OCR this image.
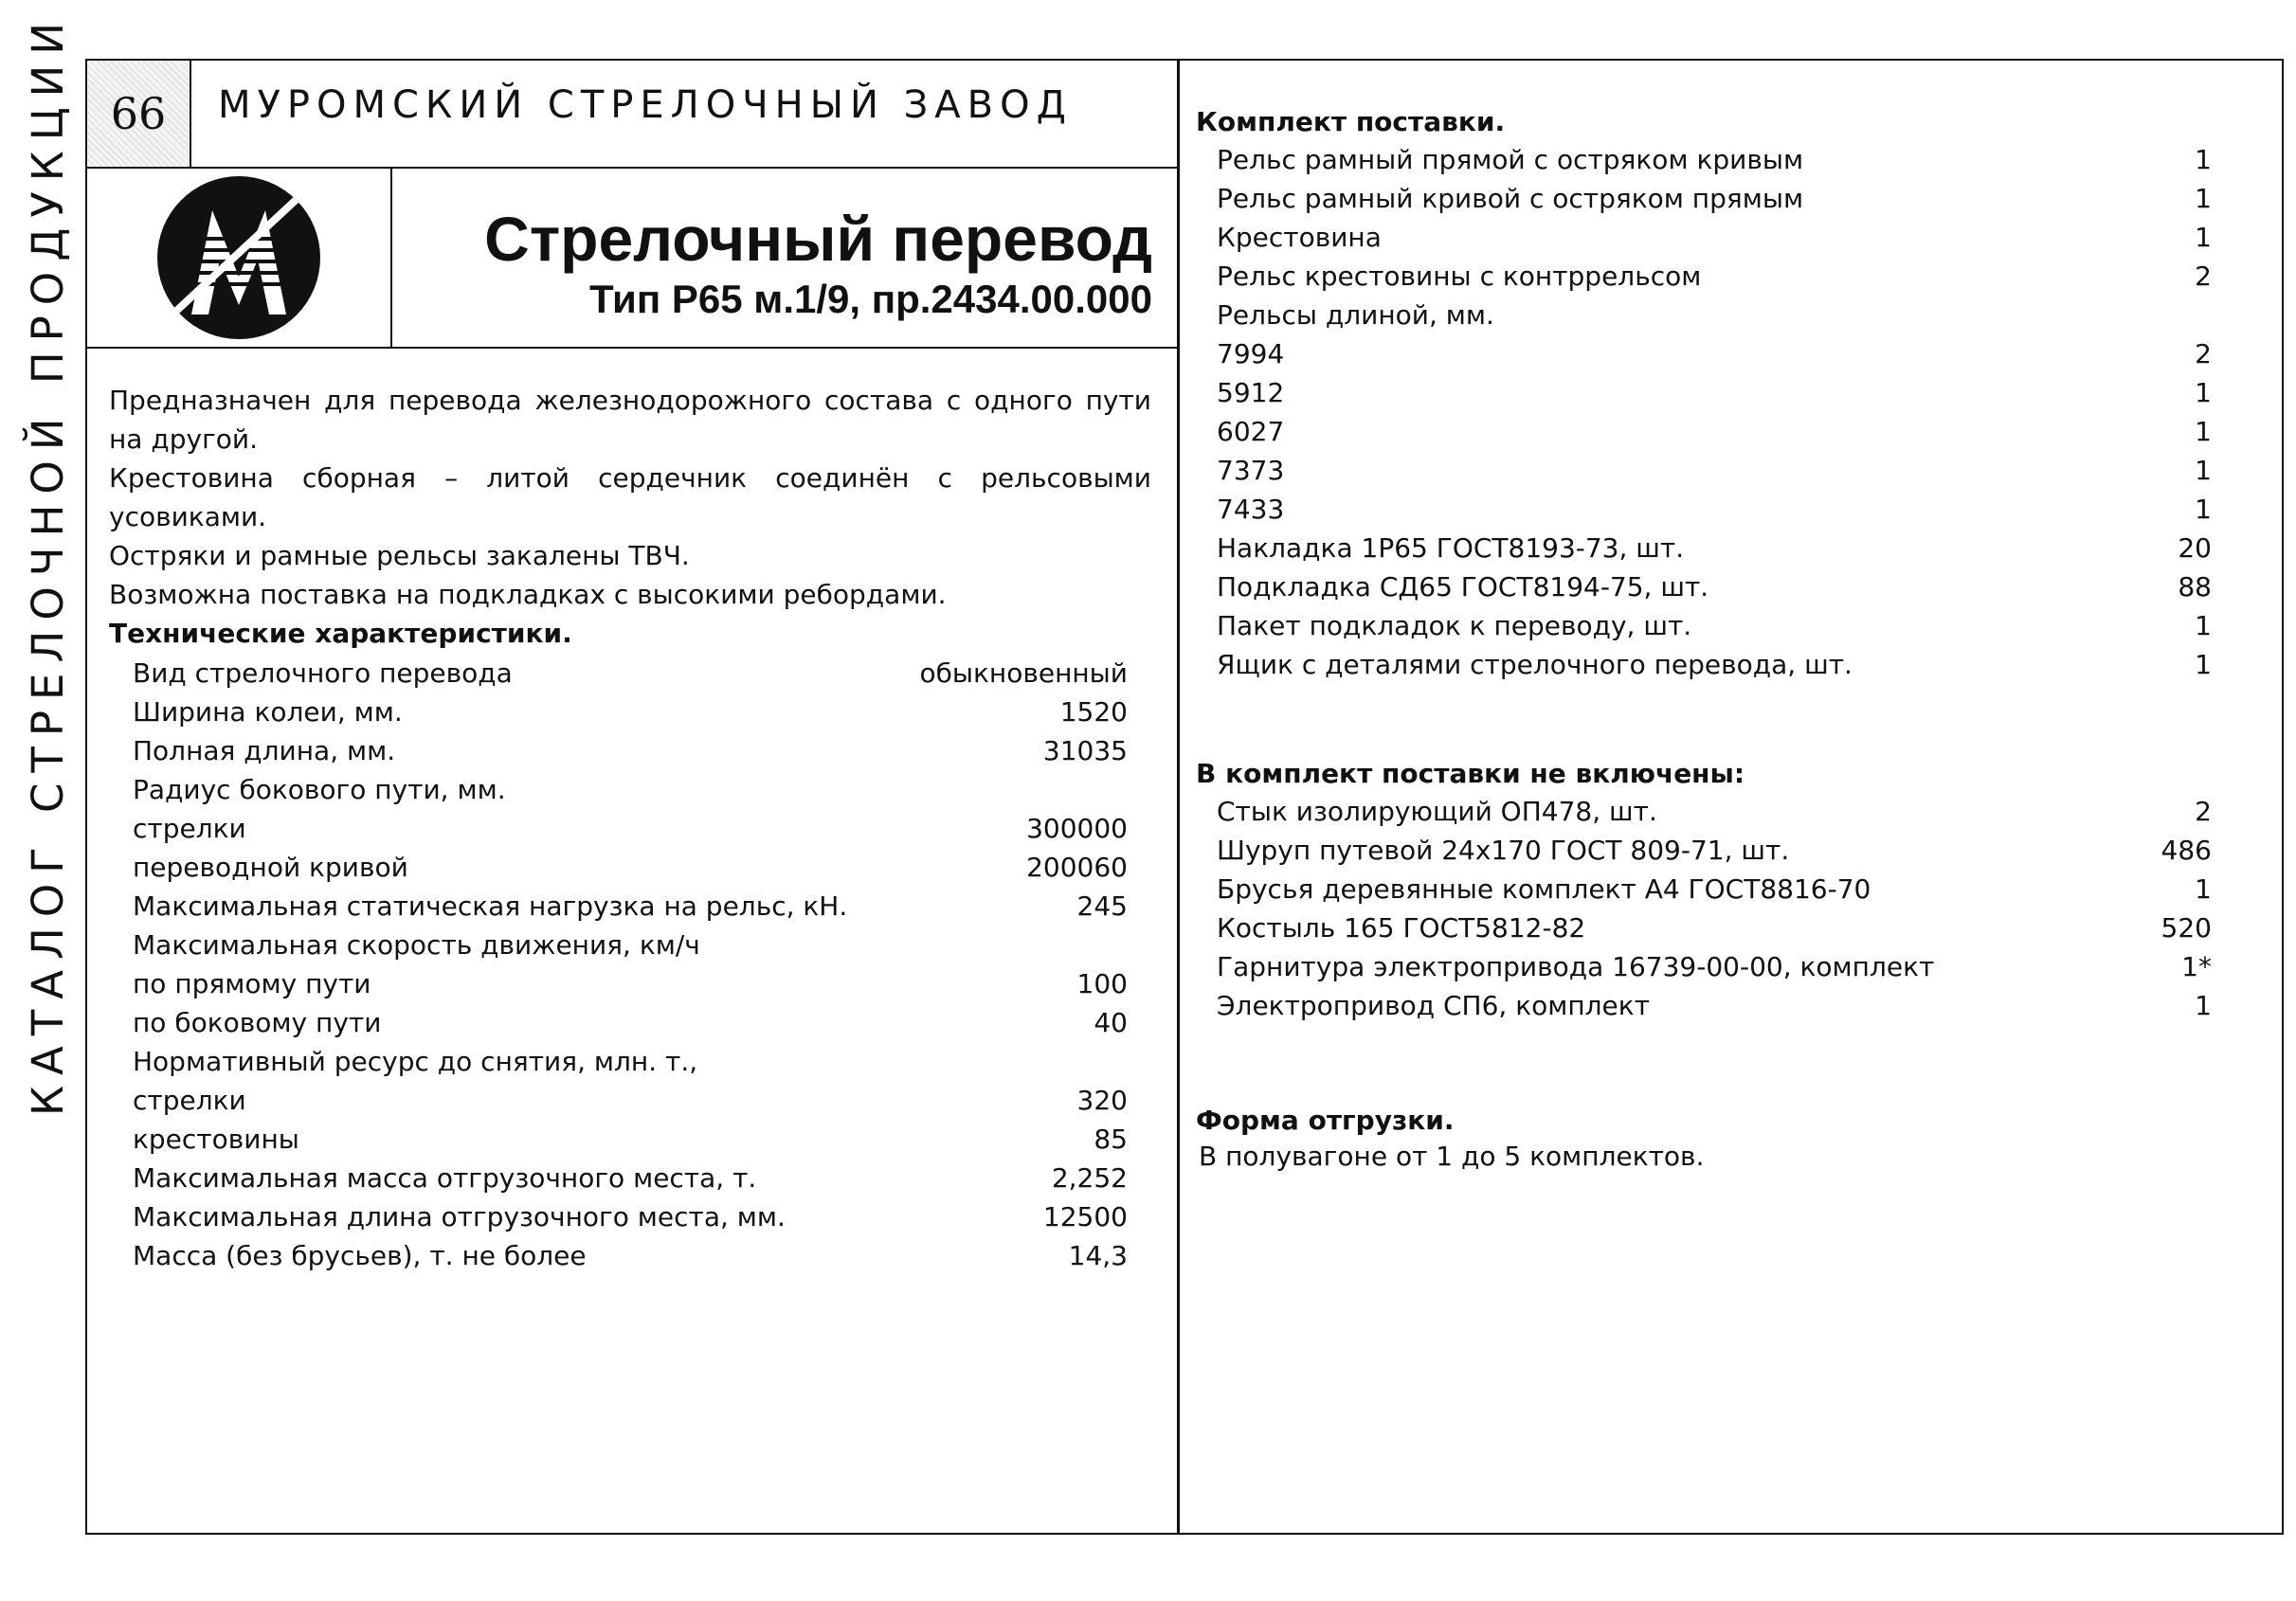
КАТАЛОГ СТРЕЛОЧНОЙ ПРОДУКЦИИ 66 МУРОМСКИЙ СТРЕЛОЧНЫЙ ЗАВОД
Стрелочный перевод
Тип Р65 м.1/9, пр.2434.00.000

Предназначен для перевода железнодорожного состава с одного пути на другой.

Крестовина сборная – литой сердечник соединён с рельсовыми усовиками.

Остряки и рамные рельсы закалены ТВЧ.

Возможна поставка на подкладках с высокими ребордами.

Технические характеристики.
Вид стрелочного перевода	обыкновенный
Ширина колеи, мм.	1520
Полная длина, мм.	31035
Радиус бокового пути, мм.
стрелки	300000
переводной кривой	200060
Максимальная статическая нагрузка на рельс, кН.	245
Максимальная скорость движения, км/ч
по прямому пути	100
по боковому пути	40
Нормативный ресурс до снятия, млн. т.,
стрелки	320
крестовины	85
Максимальная масса отгрузочного места, т.	2,252
Максимальная длина отгрузочного места, мм.	12500
Масса (без брусьев), т. не более	14,3
Комплект поставки.
Рельс рамный прямой с остряком кривым	1
Рельс рамный кривой с остряком прямым	1
Крестовина	1
Рельс крестовины с контррельсом	2
Рельсы длиной, мм.
7994	2
5912	1
6027	1
7373	1
7433	1
Накладка 1Р65 ГОСТ8193-73, шт.	20
Подкладка СД65 ГОСТ8194-75, шт.	88
Пакет подкладок к переводу, шт.	1
Ящик с деталями стрелочного перевода, шт.	1
В комплект поставки не включены:
Стык изолирующий ОП478, шт.	2
Шуруп путевой 24х170 ГОСТ 809-71, шт.	486
Брусья деревянные комплект А4 ГОСТ8816-70	1
Костыль 165 ГОСТ5812-82	520
Гарнитура электропривода 16739-00-00, комплект	1*
Электропривод СП6, комплект	1
Форма отгрузки.
В полувагоне от 1 до 5 комплектов.
